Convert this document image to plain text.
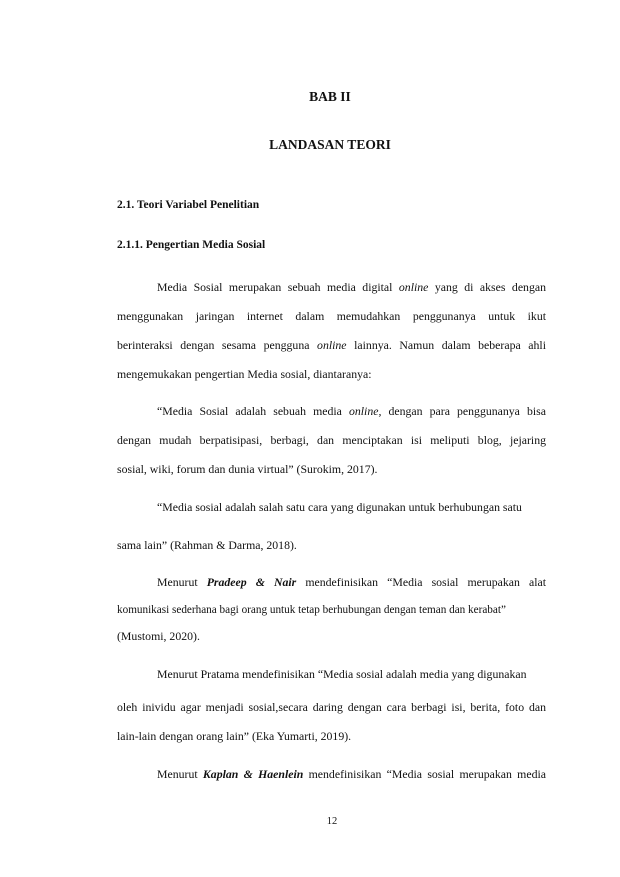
BAB II
LANDASAN TEORI
2.1. Teori Variabel Penelitian
2.1.1. Pengertian Media Sosial
Media Sosial merupakan sebuah media digital online yang di akses dengan
menggunakan jaringan internet dalam memudahkan penggunanya untuk ikut
berinteraksi dengan sesama pengguna online lainnya. Namun dalam beberapa ahli
mengemukakan pengertian Media sosial, diantaranya:
“Media Sosial adalah sebuah media online, dengan para penggunanya bisa
dengan mudah berpatisipasi, berbagi, dan menciptakan isi meliputi blog, jejaring
sosial, wiki, forum dan dunia virtual” (Surokim, 2017).
“Media sosial adalah salah satu cara yang digunakan untuk berhubungan satu
sama lain” (Rahman & Darma, 2018).
Menurut Pradeep & Nair mendefinisikan “Media sosial merupakan alat
komunikasi sederhana bagi orang untuk tetap berhubungan dengan teman dan kerabat”
(Mustomi, 2020).
Menurut Pratama mendefinisikan “Media sosial adalah media yang digunakan
oleh inividu agar menjadi sosial,secara daring dengan cara berbagi isi, berita, foto dan
lain-lain dengan orang lain” (Eka Yumarti, 2019).
Menurut Kaplan & Haenlein mendefinisikan “Media sosial merupakan media
12
